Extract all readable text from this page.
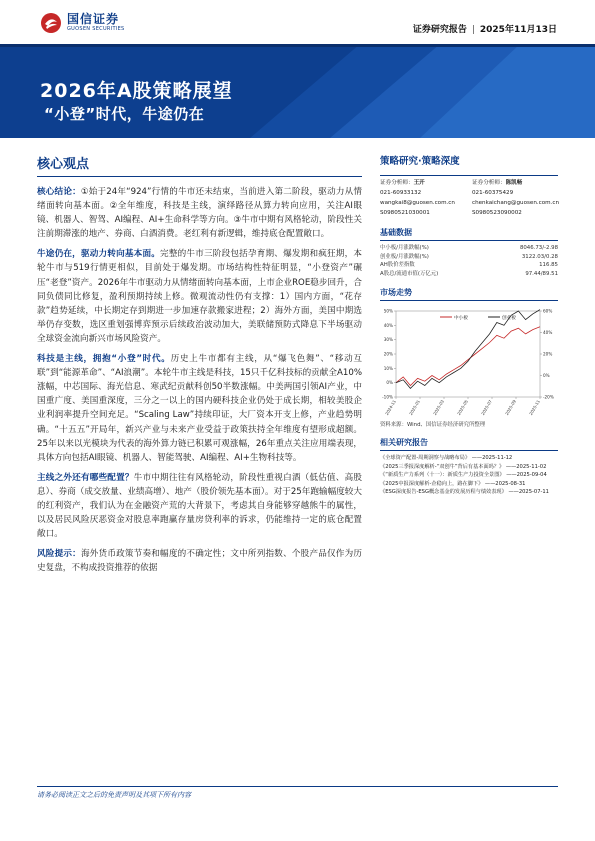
国信证券
GUOSEN SECURITIES	证券研究报告 | 2025年11月13日
2026年A股策略展望
“小登”时代，牛途仍在
核心观点
核心结论：①始于24年“924”行情的牛市还未结束，当前进入第二阶段，驱动力从情绪面转向基本面。②全年维度，科技是主线，演绎路径从算力转向应用，关注AI眼镜、机器人、智驾、AI编程、AI+生命科学等方向。③牛市中期有风格轮动，阶段性关注前期滞涨的地产、券商、白酒消费。老红利有新逻辑，维持底仓配置敞口。
牛途仍在，驱动力转向基本面。完整的牛市三阶段包括孕育期、爆发期和疯狂期，本轮牛市与519行情更相似，目前处于爆发期。市场结构性特征明显，“小登资产”碾压“老登”资产。2026年牛市驱动力从情绪面转向基本面，上市企业ROE稳步回升，合同负债同比修复，盈利预期持续上修。微观流动性仍有支撑：1）国内方面，“花存款”趋势延续，中长期定存到期进一步加速存款搬家进程；2）海外方面，美国中期选举仍存变数，选区重划强博弈预示后续政治波动加大，美联储预防式降息下半场驱动全球资金流向新兴市场风险资产。
科技是主线，拥抱“小登”时代。历史上牛市都有主线，从“爆飞色舞”、“移动互联”到“能源革命”、“AI浪潮”。本轮牛市主线是科技，15只千亿科技标的贡献全A10%涨幅，中芯国际、海光信息、寒武纪贡献科创50半数涨幅。中美两国引领AI产业，中国重广度、美国重深度，三分之一以上的国内硬科技企业仍处于成长期，相较美股企业利润率提升空间充足。“Scaling Law”持续印证，大厂资本开支上修，产业趋势明确。“十五五”开局年，新兴产业与未来产业受益于政策扶持全年维度有望形成超额。25年以来以光模块为代表的海外算力链已积累可观涨幅，26年重点关注应用端表现，具体方向包括AI眼镜、机器人、智能驾驶、AI编程、AI+生物科技等。
主线之外还有哪些配置？牛市中期往往有风格轮动，阶段性重视白酒（低估值、高股息）、券商（成交放量、业绩高增）、地产（股价领先基本面）。对于25年跑输幅度较大的红利资产，我们认为在金融资产荒的大背景下，考虑其自身能够穿越熊牛的属性，以及居民风险厌恶资金对股息率跑赢存量房贷利率的诉求，仍能维持一定的底仓配置敞口。
风险提示：海外货币政策节奏和幅度的不确定性；文中所列指数、个股产品仅作为历史复盘，不构成投资推荐的依据
策略研究·策略深度
证券分析师：王开
021-60933132
wangkai8@guosen.com.cn
S0980521030001
证券分析师：陈凯畅
021-60375429
chenkaichang@guosen.com.cn
S0980523090002
基础数据
中小板/月涨跌幅(%)	8046.73/-2.98
创业板/月涨跌幅(%)	3122.03/0.28
AH股价差指数	116.85
A股总/流通市值(万亿元)	97.44/89.51
市场走势
-10%
0%
10%
20%
30%
40%
50%
-20%
0%
20%
40%
60%
2024-11	2025-01	2025-03	2025-05	2025-07	2025-09	2025-11
中小板	创业板
资料来源：Wind、国信证券经济研究所整理
相关研究报告
《全球资产配置-周期洞察与战略布局》 ——2025-11-12
《2025三季报深度解析-“双创牛”背后有基本面吗？》 ——2025-11-02
《“新质生产力系列（十一）：新质生产力投资全景图》 ——2025-09-04
《2025中报深度解析-企稳向上，路在脚下》 ——2025-08-31
《ESG深度报告-ESG概念基金的发展历程与绩效表现》 ——2025-07-11
请务必阅读正文之后的免责声明及其项下所有内容
